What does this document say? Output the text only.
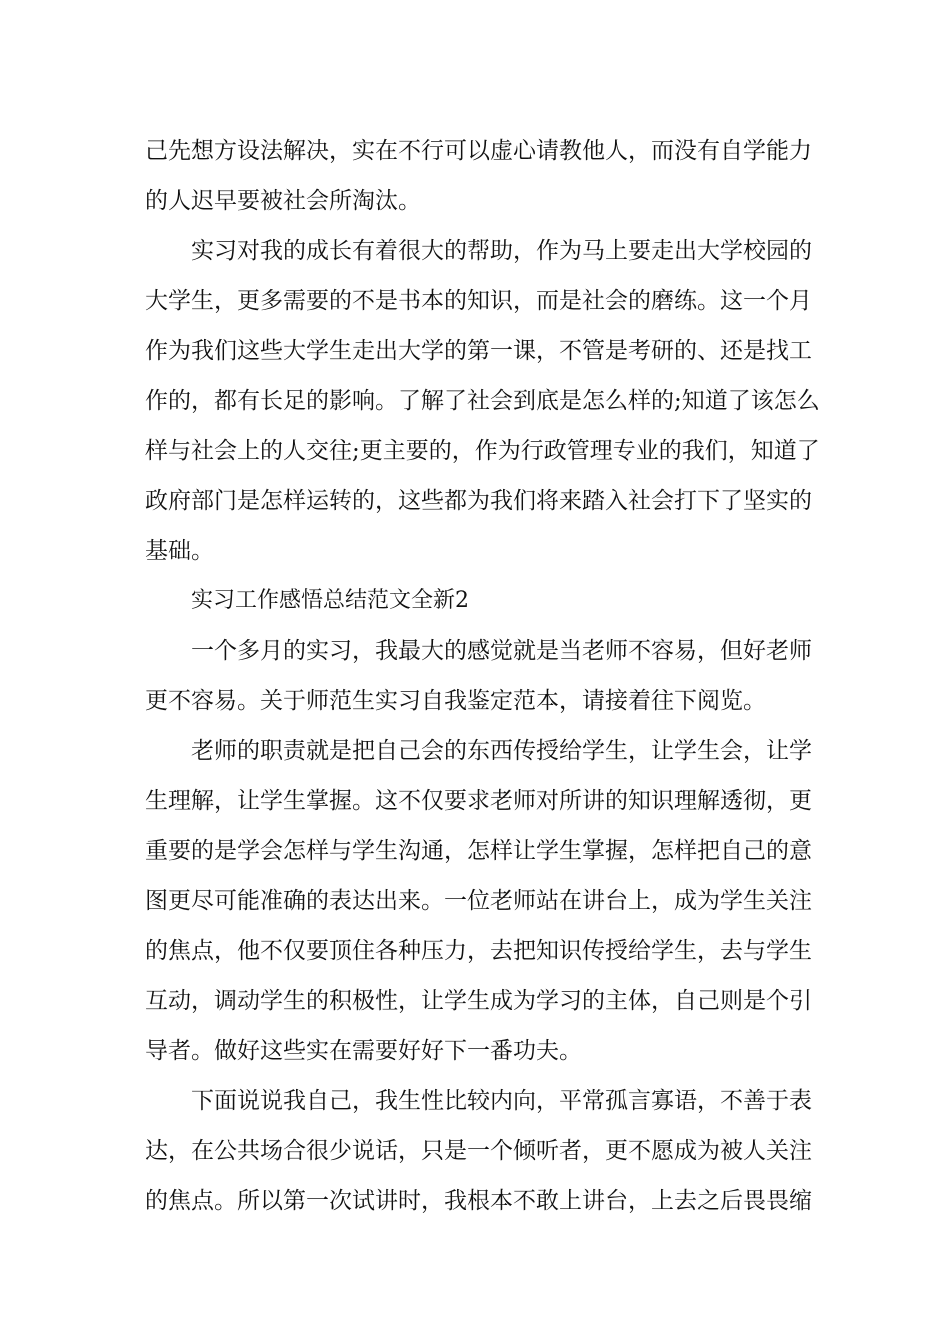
己先想方设法解决，实在不行可以虚心请教他人，而没有自学能力
的人迟早要被社会所淘汰。
实习对我的成长有着很大的帮助，作为马上要走出大学校园的
大学生，更多需要的不是书本的知识，而是社会的磨练。这一个月
作为我们这些大学生走出大学的第一课，不管是考研的、还是找工
作的，都有长足的影响。了解了社会到底是怎么样的;知道了该怎么
样与社会上的人交往;更主要的，作为行政管理专业的我们，知道了
政府部门是怎样运转的，这些都为我们将来踏入社会打下了坚实的
基础。
实习工作感悟总结范文全新2
一个多月的实习，我最大的感觉就是当老师不容易，但好老师
更不容易。关于师范生实习自我鉴定范本，请接着往下阅览。
老师的职责就是把自己会的东西传授给学生，让学生会，让学
生理解，让学生掌握。这不仅要求老师对所讲的知识理解透彻，更
重要的是学会怎样与学生沟通，怎样让学生掌握，怎样把自己的意
图更尽可能准确的表达出来。一位老师站在讲台上，成为学生关注
的焦点，他不仅要顶住各种压力，去把知识传授给学生，去与学生
互动，调动学生的积极性，让学生成为学习的主体，自己则是个引
导者。做好这些实在需要好好下一番功夫。
下面说说我自己，我生性比较内向，平常孤言寡语，不善于表
达，在公共场合很少说话，只是一个倾听者，更不愿成为被人关注
的焦点。所以第一次试讲时，我根本不敢上讲台，上去之后畏畏缩
